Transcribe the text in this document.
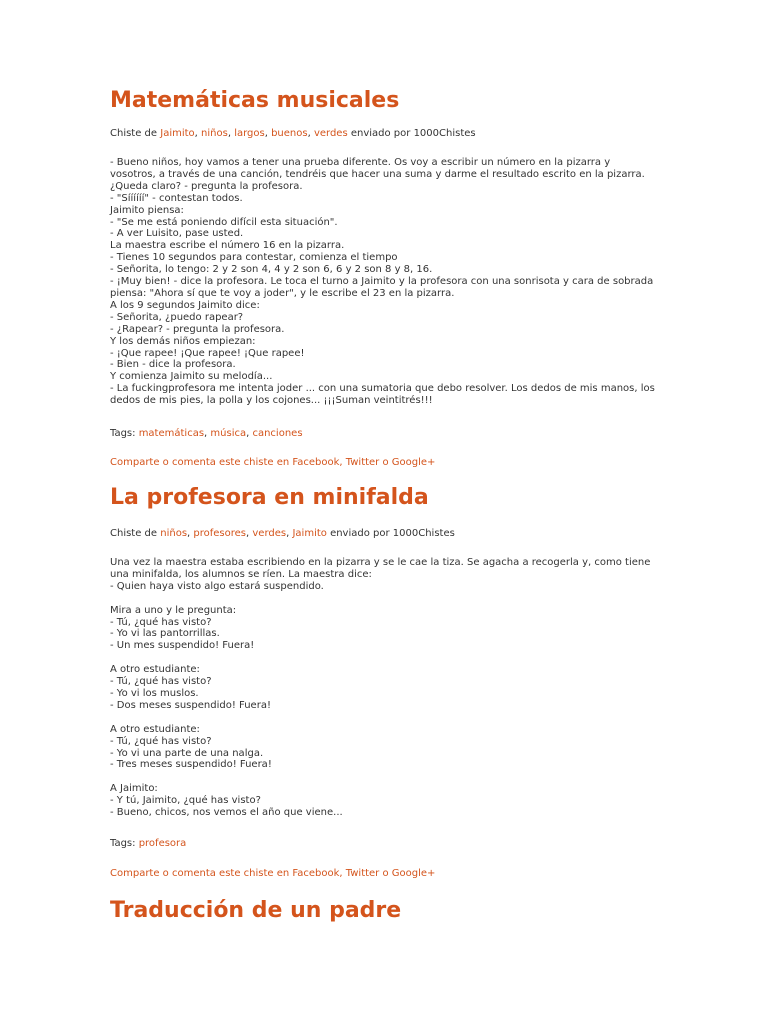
Matemáticas musicales
Chiste de Jaimito, niños, largos, buenos, verdes enviado por 1000Chistes
- Bueno niños, hoy vamos a tener una prueba diferente. Os voy a escribir un número en la pizarra y vosotros, a través de una canción, tendréis que hacer una suma y darme el resultado escrito en la pizarra. ¿Queda claro? - pregunta la profesora.
- "Síííííí" - contestan todos.
Jaimito piensa:
- "Se me está poniendo difícil esta situación".
- A ver Luisito, pase usted.
La maestra escribe el número 16 en la pizarra.
- Tienes 10 segundos para contestar, comienza el tiempo
- Señorita, lo tengo: 2 y 2 son 4, 4 y 2 son 6, 6 y 2 son 8 y 8, 16.
- ¡Muy bien! - dice la profesora. Le toca el turno a Jaimito y la profesora con una sonrisota y cara de sobrada piensa: "Ahora sí que te voy a joder", y le escribe el 23 en la pizarra.
A los 9 segundos Jaimito dice:
- Señorita, ¿puedo rapear?
- ¿Rapear? - pregunta la profesora.
Y los demás niños empiezan:
- ¡Que rapee! ¡Que rapee! ¡Que rapee!
- Bien - dice la profesora.
Y comienza Jaimito su melodía...
- La fuckingprofesora me intenta joder ... con una sumatoria que debo resolver. Los dedos de mis manos, los dedos de mis pies, la polla y los cojones... ¡¡¡Suman veintitrés!!!
Tags: matemáticas, música, canciones
Comparte o comenta este chiste en Facebook, Twitter o Google+
La profesora en minifalda
Chiste de niños, profesores, verdes, Jaimito enviado por 1000Chistes
Una vez la maestra estaba escribiendo en la pizarra y se le cae la tiza. Se agacha a recogerla y, como tiene una minifalda, los alumnos se ríen. La maestra dice:
- Quien haya visto algo estará suspendido.

Mira a uno y le pregunta:
- Tú, ¿qué has visto?
- Yo vi las pantorrillas.
- Un mes suspendido! Fuera!

A otro estudiante:
- Tú, ¿qué has visto?
- Yo vi los muslos.
- Dos meses suspendido! Fuera!

A otro estudiante:
- Tú, ¿qué has visto?
- Yo vi una parte de una nalga.
- Tres meses suspendido! Fuera!

A Jaimito:
- Y tú, Jaimito, ¿qué has visto?
- Bueno, chicos, nos vemos el año que viene...
Tags: profesora
Comparte o comenta este chiste en Facebook, Twitter o Google+
Traducción de un padre
